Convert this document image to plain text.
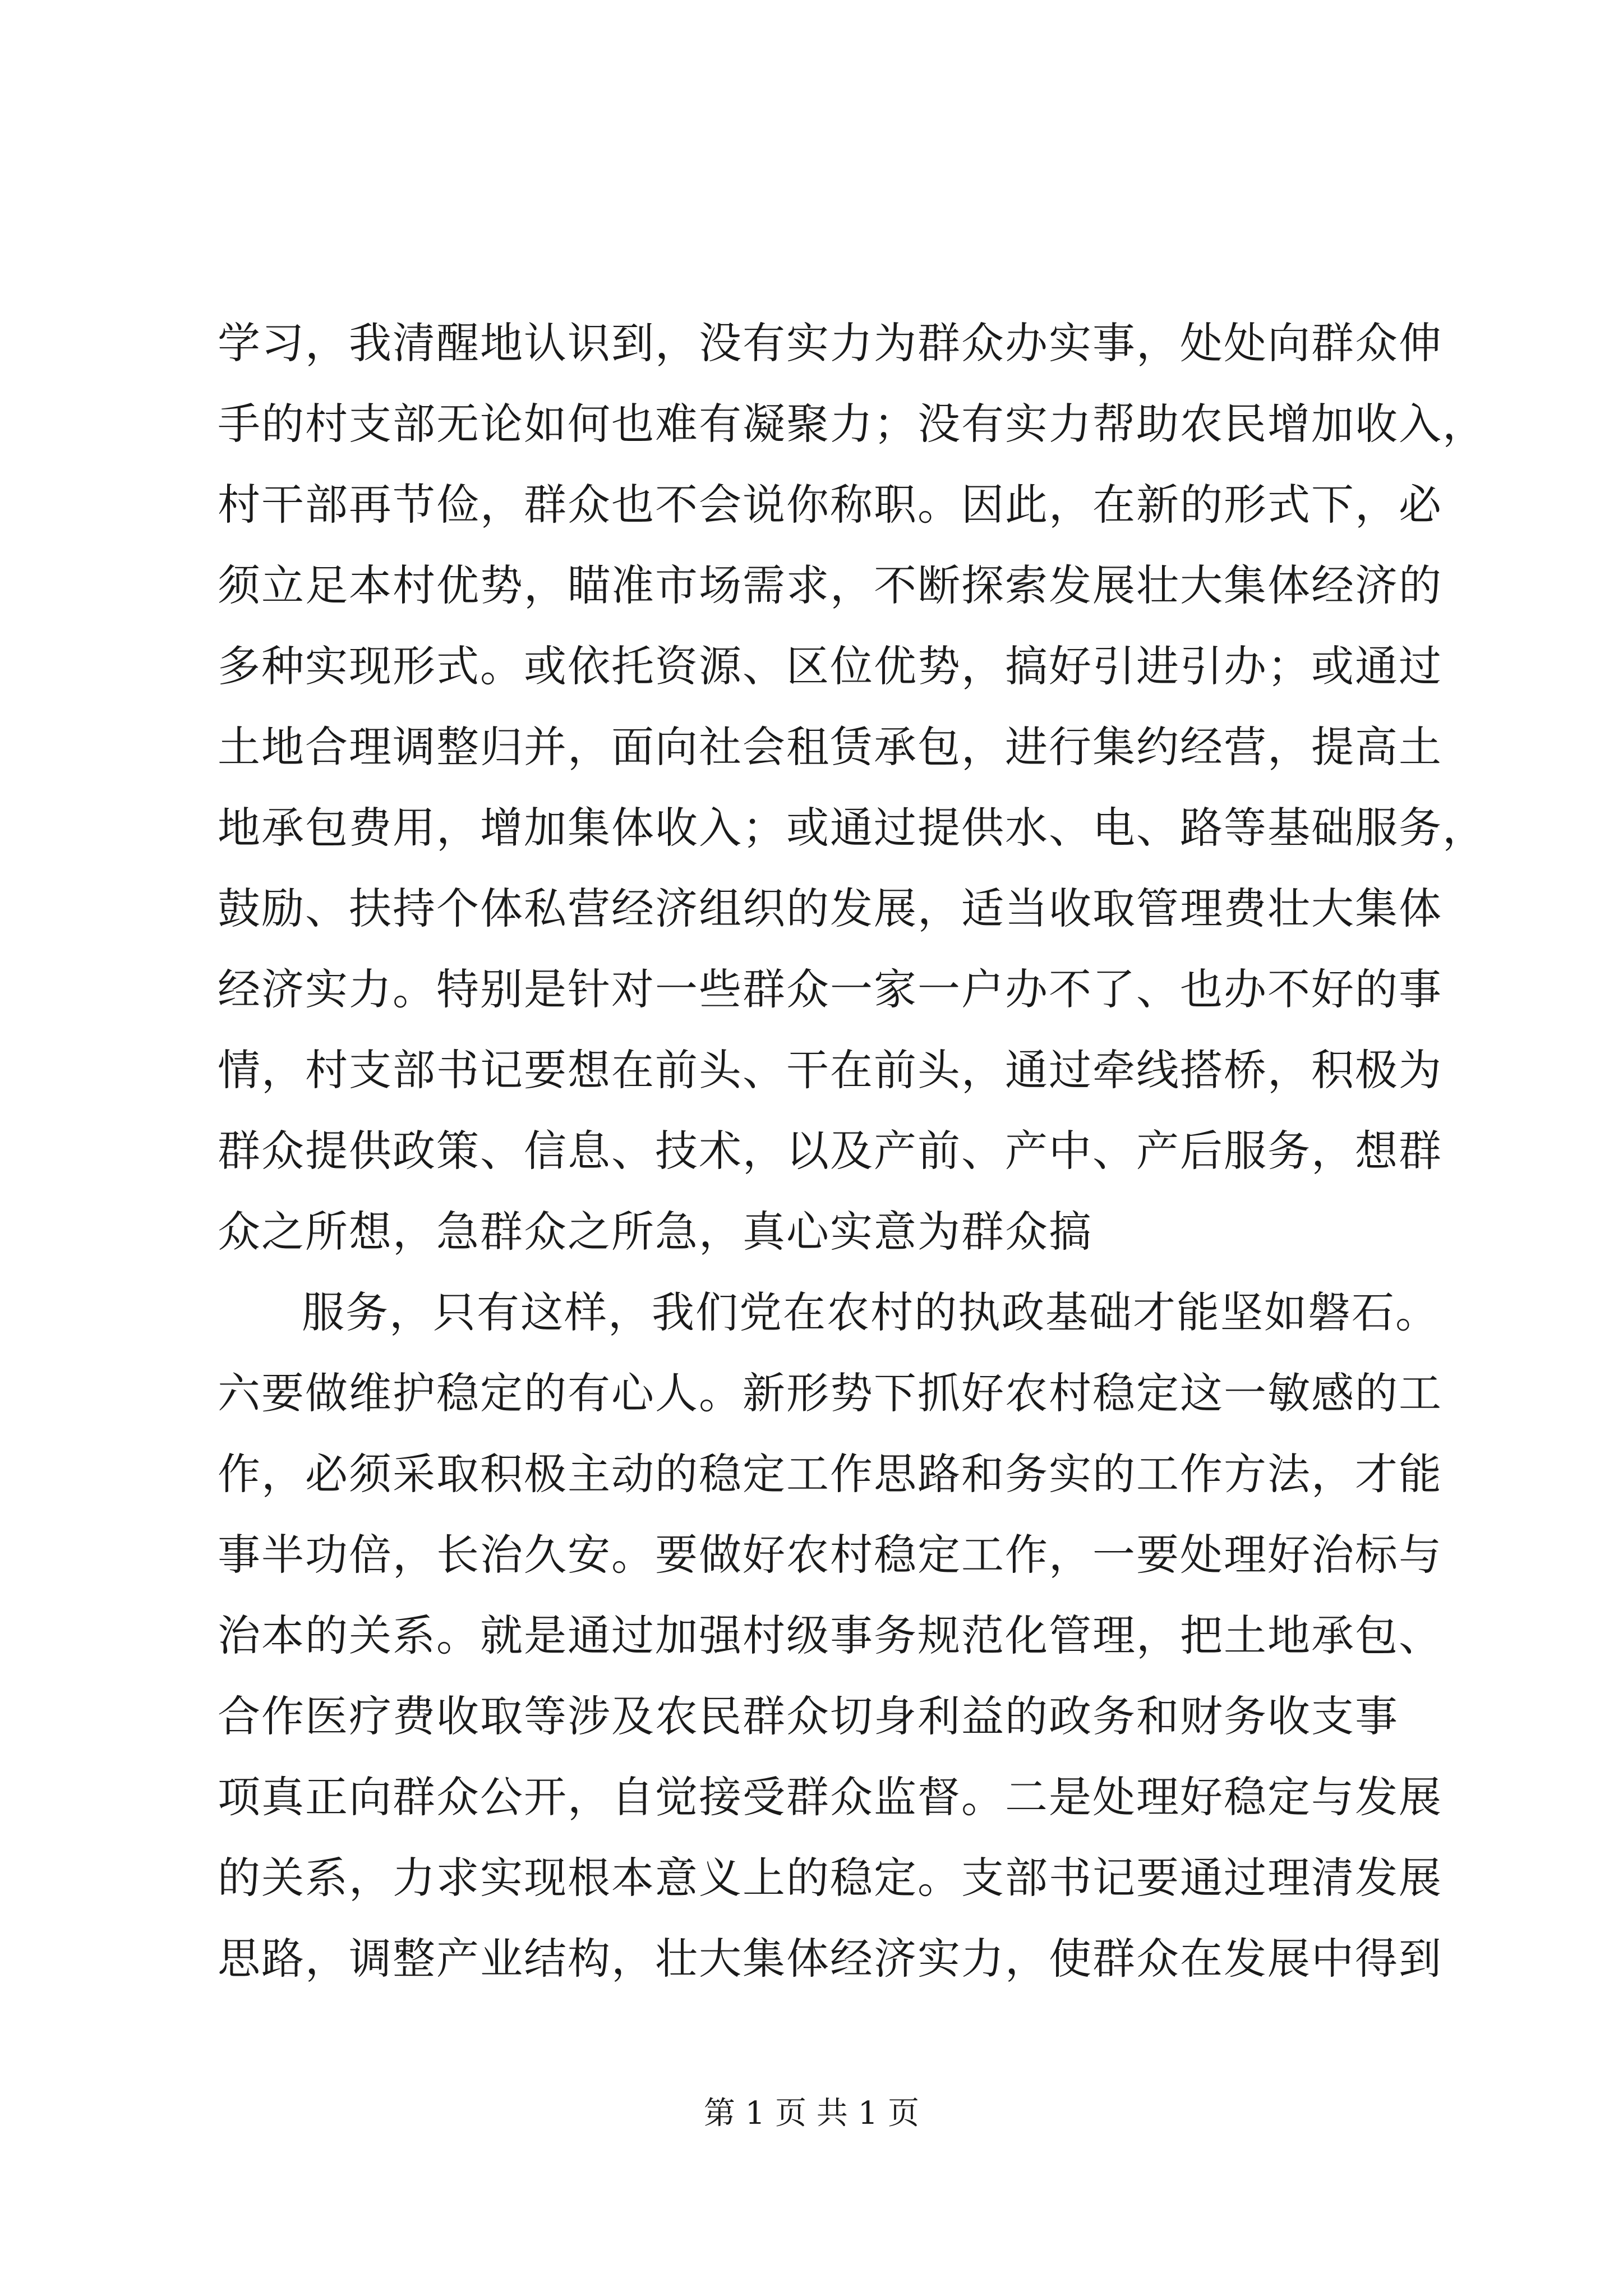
学习，我清醒地认识到，没有实力为群众办实事，处处向群众伸
手的村支部无论如何也难有凝聚力；没有实力帮助农民增加收入，
村干部再节俭，群众也不会说你称职。因此，在新的形式下，必
须立足本村优势，瞄准市场需求，不断探索发展壮大集体经济的
多种实现形式。或依托资源、区位优势，搞好引进引办；或通过
土地合理调整归并，面向社会租赁承包，进行集约经营，提高土
地承包费用，增加集体收入；或通过提供水、电、路等基础服务，
鼓励、扶持个体私营经济组织的发展，适当收取管理费壮大集体
经济实力。特别是针对一些群众一家一户办不了、也办不好的事
情，村支部书记要想在前头、干在前头，通过牵线搭桥，积极为
群众提供政策、信息、技术，以及产前、产中、产后服务，想群
众之所想，急群众之所急，真心实意为群众搞
服务，只有这样，我们党在农村的执政基础才能坚如磐石。
六要做维护稳定的有心人。新形势下抓好农村稳定这一敏感的工
作，必须采取积极主动的稳定工作思路和务实的工作方法，才能
事半功倍，长治久安。要做好农村稳定工作，一要处理好治标与
治本的关系。就是通过加强村级事务规范化管理，把土地承包、
合作医疗费收取等涉及农民群众切身利益的政务和财务收支事
项真正向群众公开，自觉接受群众监督。二是处理好稳定与发展
的关系，力求实现根本意义上的稳定。支部书记要通过理清发展
思路，调整产业结构，壮大集体经济实力，使群众在发展中得到
第 1 页 共 1 页
